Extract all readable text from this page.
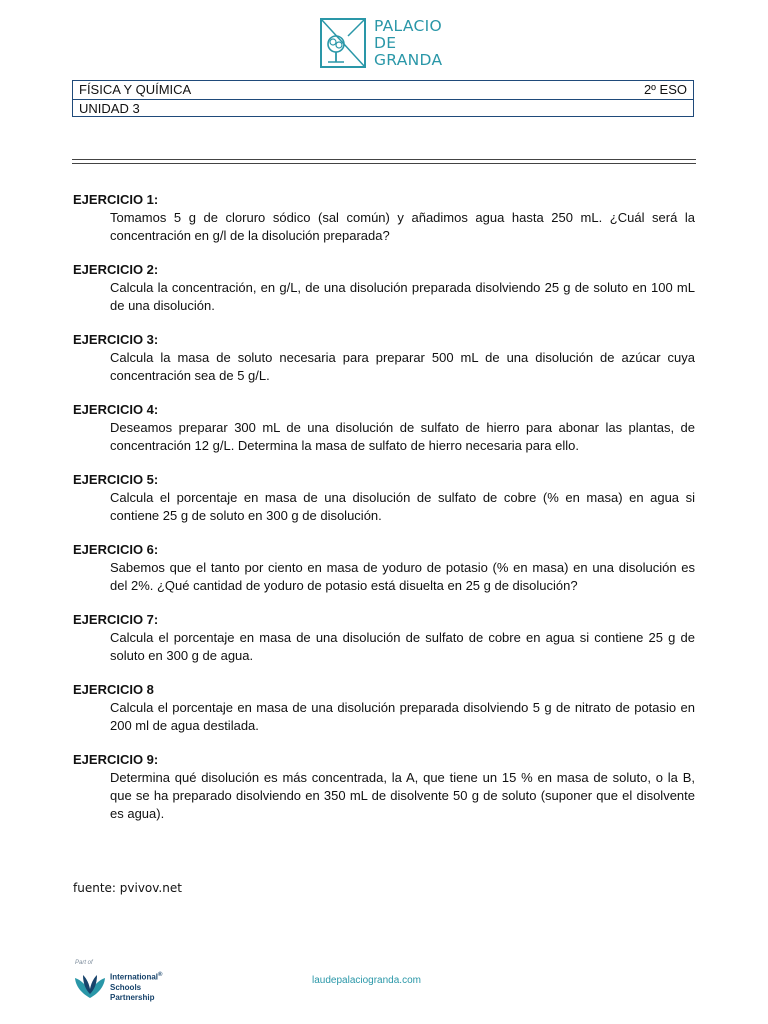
PALACIO
DE
GRANDA
FÍSICA Y QUÍMICA	2º ESO
UNIDAD 3
EJERCICIO 1:
Tomamos 5 g de cloruro sódico (sal común) y añadimos agua hasta 250 mL. ¿Cuál será la concentración en g/l de la disolución preparada?
EJERCICIO 2:
Calcula la concentración, en g/L, de una disolución preparada disolviendo 25 g de soluto en 100 mL de una disolución.
EJERCICIO 3:
Calcula la masa de soluto necesaria para preparar 500 mL de una disolución de azúcar cuya concentración sea de 5 g/L.
EJERCICIO 4:
Deseamos preparar 300 mL de una disolución de sulfato de hierro para abonar las plantas, de concentración 12 g/L. Determina la masa de sulfato de hierro necesaria para ello.
EJERCICIO 5:
Calcula el porcentaje en masa de una disolución de sulfato de cobre (% en masa) en agua si contiene 25 g de soluto en 300 g de disolución.
EJERCICIO 6:
Sabemos que el tanto por ciento en masa de yoduro de potasio (% en masa) en una disolución es del 2%. ¿Qué cantidad de yoduro de potasio está disuelta en 25 g de disolución?
EJERCICIO 7:
Calcula el porcentaje en masa de una disolución de sulfato de cobre en agua si contiene 25 g de soluto en 300 g de agua.
EJERCICIO 8
Calcula el porcentaje en masa de una disolución preparada disolviendo 5 g de nitrato de potasio en 200 ml de agua destilada.
EJERCICIO 9:
Determina qué disolución es más concentrada, la A, que tiene un 15 % en masa de soluto, o la B, que se ha preparado disolviendo en 350 mL de disolvente 50 g de soluto (suponer que el disolvente es agua).
fuente: pvivov.net
Part of
International®
Schools
Partnership
laudepalaciogranda.com
